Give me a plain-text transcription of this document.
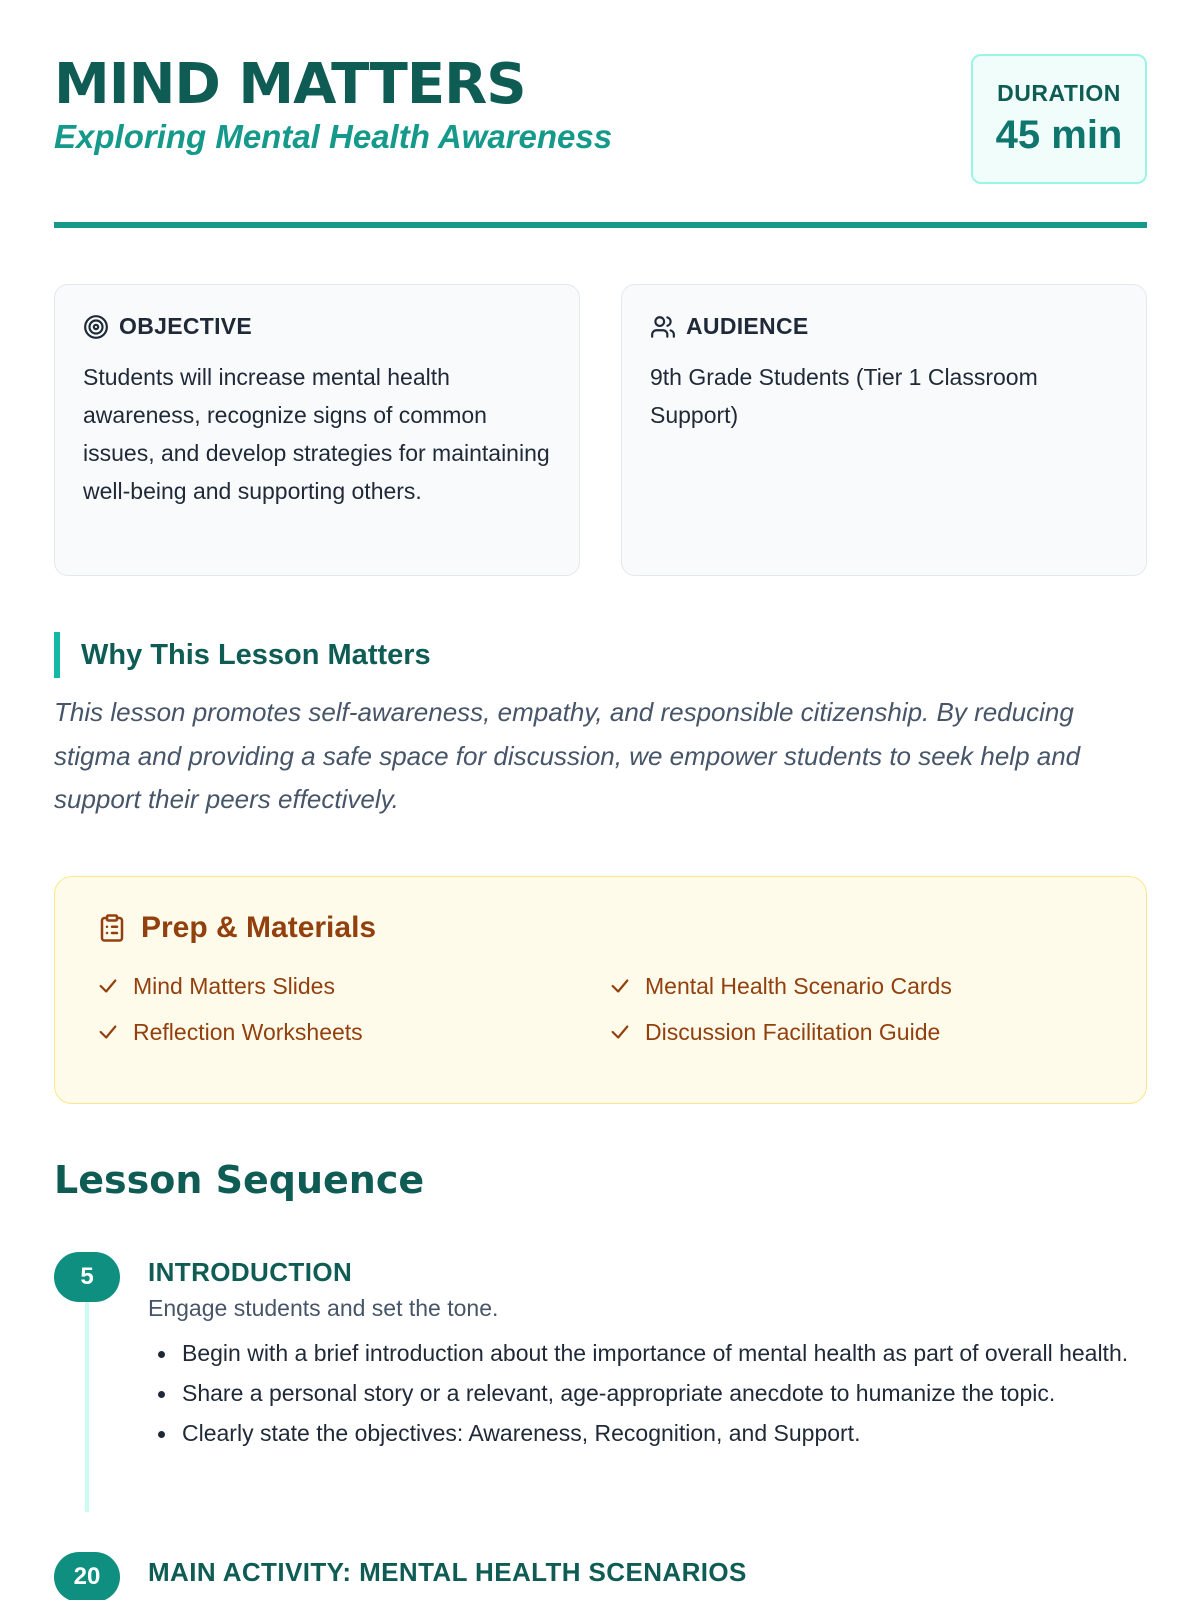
MIND MATTERS
Exploring Mental Health Awareness
DURATION
45 min
OBJECTIVE
Students will increase mental health awareness, recognize signs of common issues, and develop strategies for maintaining well-being and supporting others.
AUDIENCE
9th Grade Students (Tier 1 Classroom Support)
Why This Lesson Matters
This lesson promotes self-awareness, empathy, and responsible citizenship. By reducing stigma and providing a safe space for discussion, we empower students to seek help and support their peers effectively.
Prep & Materials
Mind Matters Slides	Mental Health Scenario Cards
Reflection Worksheets	Discussion Facilitation Guide
Lesson Sequence
5	INTRODUCTION
Engage students and set the tone.
Begin with a brief introduction about the importance of mental health as part of overall health.
Share a personal story or a relevant, age-appropriate anecdote to humanize the topic.
Clearly state the objectives: Awareness, Recognition, and Support.
20	MAIN ACTIVITY: MENTAL HEALTH SCENARIOS
